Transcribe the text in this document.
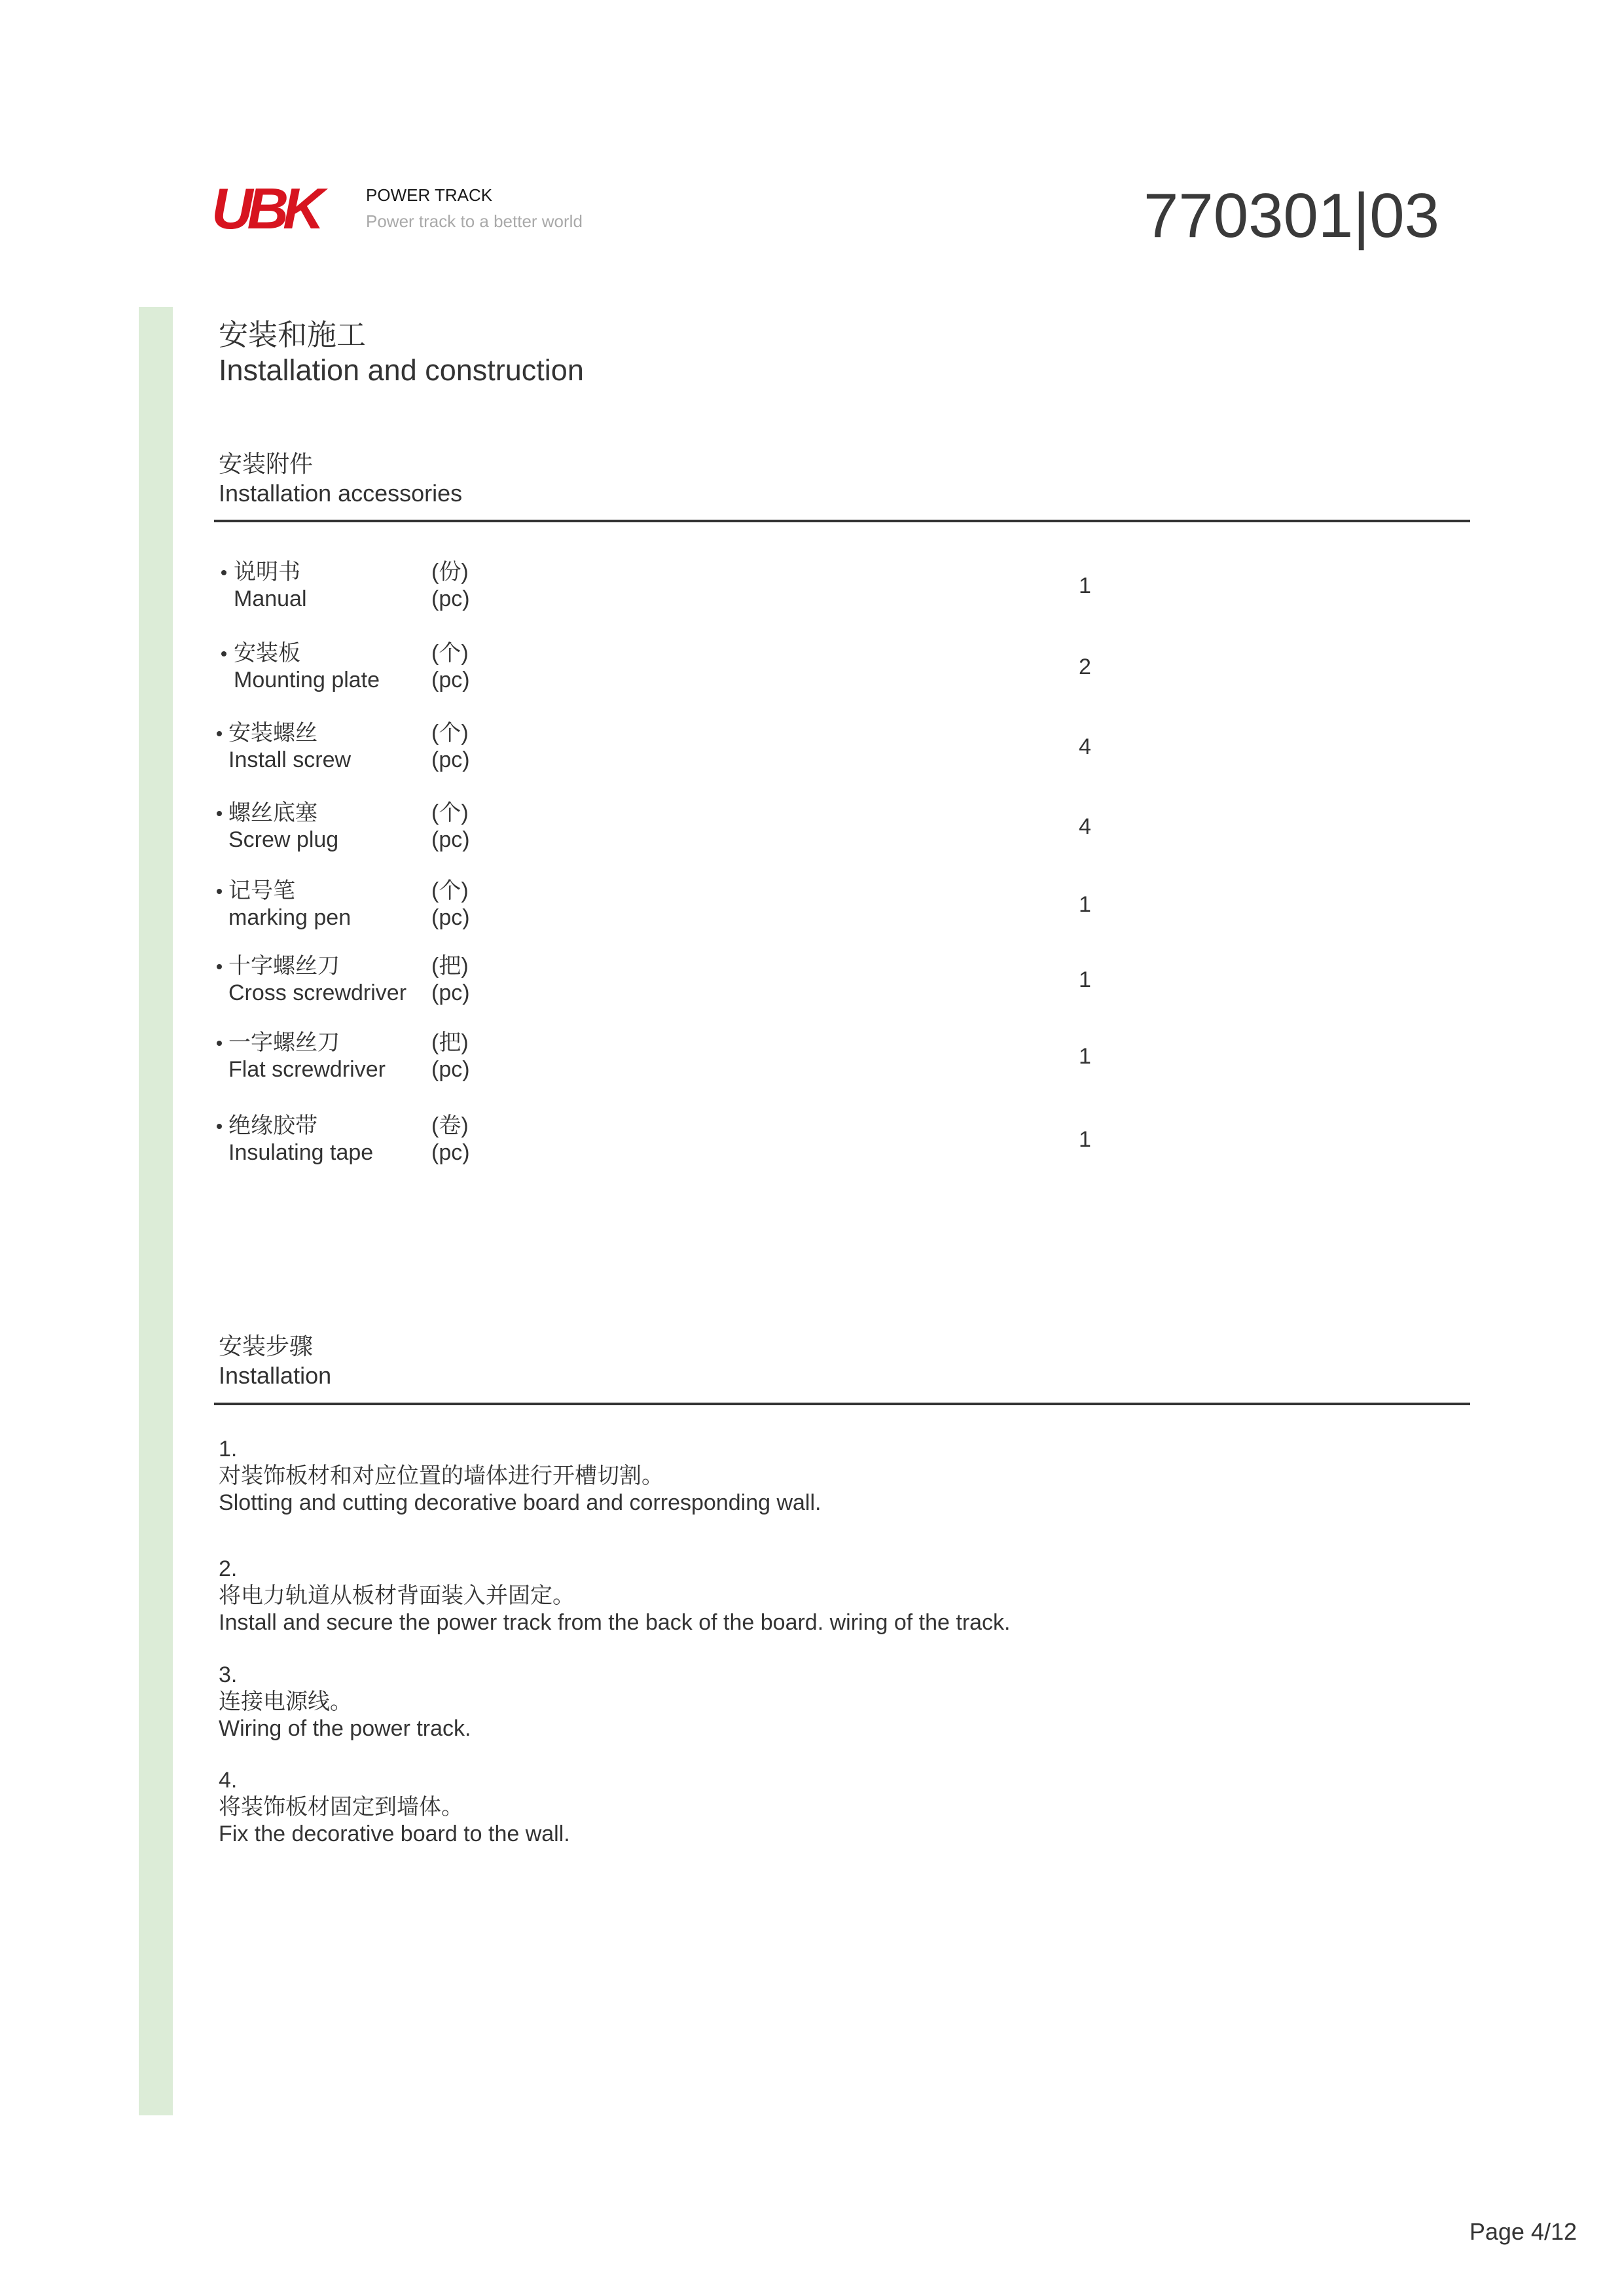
UBK	POWER TRACK
Power track to a better world	770301|03
安装和施工
Installation and construction
安装附件
Installation accessories
说明书
Manual
(份)
(pc)
1
安装板
Mounting plate
(个)
(pc)
2
安装螺丝
Install screw
(个)
(pc)
4
螺丝底塞
Screw plug
(个)
(pc)
4
记号笔
marking pen
(个)
(pc)
1
十字螺丝刀
Cross screwdriver
(把)
(pc)
1
一字螺丝刀
Flat screwdriver
(把)
(pc)
1
绝缘胶带
Insulating tape
(卷)
(pc)
1
安装步骤
Installation
1.
对装饰板材和对应位置的墙体进行开槽切割。
Slotting and cutting decorative board and corresponding wall.
2.
将电力轨道从板材背面装入并固定。
Install and secure the power track from the back of the board. wiring of the track.
3.
连接电源线。
Wiring of the power track.
4.
将装饰板材固定到墙体。
Fix the decorative board to the wall.
Page 4/12
